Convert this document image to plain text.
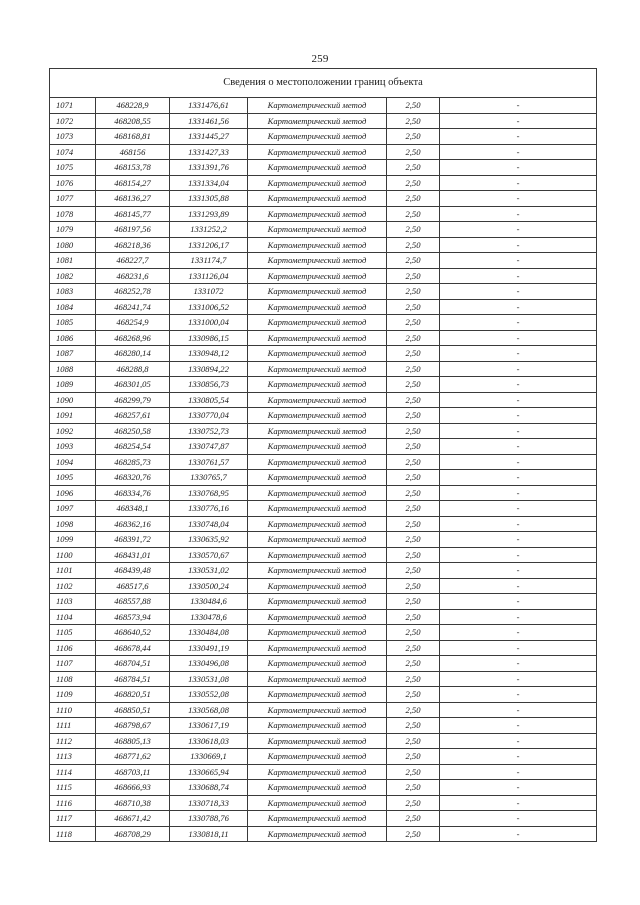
259
Сведения о местоположении границ объекта					
1071	468228,9	1331476,61	Картометрический метод	2,50	-
1072	468208,55	1331461,56	Картометрический метод	2,50	-
1073	468168,81	1331445,27	Картометрический метод	2,50	-
1074	468156	1331427,33	Картометрический метод	2,50	-
1075	468153,78	1331391,76	Картометрический метод	2,50	-
1076	468154,27	1331334,04	Картометрический метод	2,50	-
1077	468136,27	1331305,88	Картометрический метод	2,50	-
1078	468145,77	1331293,89	Картометрический метод	2,50	-
1079	468197,56	1331252,2	Картометрический метод	2,50	-
1080	468218,36	1331206,17	Картометрический метод	2,50	-
1081	468227,7	1331174,7	Картометрический метод	2,50	-
1082	468231,6	1331126,04	Картометрический метод	2,50	-
1083	468252,78	1331072	Картометрический метод	2,50	-
1084	468241,74	1331006,52	Картометрический метод	2,50	-
1085	468254,9	1331000,04	Картометрический метод	2,50	-
1086	468268,96	1330986,15	Картометрический метод	2,50	-
1087	468280,14	1330948,12	Картометрический метод	2,50	-
1088	468288,8	1330894,22	Картометрический метод	2,50	-
1089	468301,05	1330856,73	Картометрический метод	2,50	-
1090	468299,79	1330805,54	Картометрический метод	2,50	-
1091	468257,61	1330770,04	Картометрический метод	2,50	-
1092	468250,58	1330752,73	Картометрический метод	2,50	-
1093	468254,54	1330747,87	Картометрический метод	2,50	-
1094	468285,73	1330761,57	Картометрический метод	2,50	-
1095	468320,76	1330765,7	Картометрический метод	2,50	-
1096	468334,76	1330768,95	Картометрический метод	2,50	-
1097	468348,1	1330776,16	Картометрический метод	2,50	-
1098	468362,16	1330748,04	Картометрический метод	2,50	-
1099	468391,72	1330635,92	Картометрический метод	2,50	-
1100	468431,01	1330570,67	Картометрический метод	2,50	-
1101	468439,48	1330531,02	Картометрический метод	2,50	-
1102	468517,6	1330500,24	Картометрический метод	2,50	-
1103	468557,88	1330484,6	Картометрический метод	2,50	-
1104	468573,94	1330478,6	Картометрический метод	2,50	-
1105	468640,52	1330484,08	Картометрический метод	2,50	-
1106	468678,44	1330491,19	Картометрический метод	2,50	-
1107	468704,51	1330496,08	Картометрический метод	2,50	-
1108	468784,51	1330531,08	Картометрический метод	2,50	-
1109	468820,51	1330552,08	Картометрический метод	2,50	-
1110	468850,51	1330568,08	Картометрический метод	2,50	-
1111	468798,67	1330617,19	Картометрический метод	2,50	-
1112	468805,13	1330618,03	Картометрический метод	2,50	-
1113	468771,62	1330669,1	Картометрический метод	2,50	-
1114	468703,11	1330665,94	Картометрический метод	2,50	-
1115	468666,93	1330688,74	Картометрический метод	2,50	-
1116	468710,38	1330718,33	Картометрический метод	2,50	-
1117	468671,42	1330788,76	Картометрический метод	2,50	-
1118	468708,29	1330818,11	Картометрический метод	2,50	-
